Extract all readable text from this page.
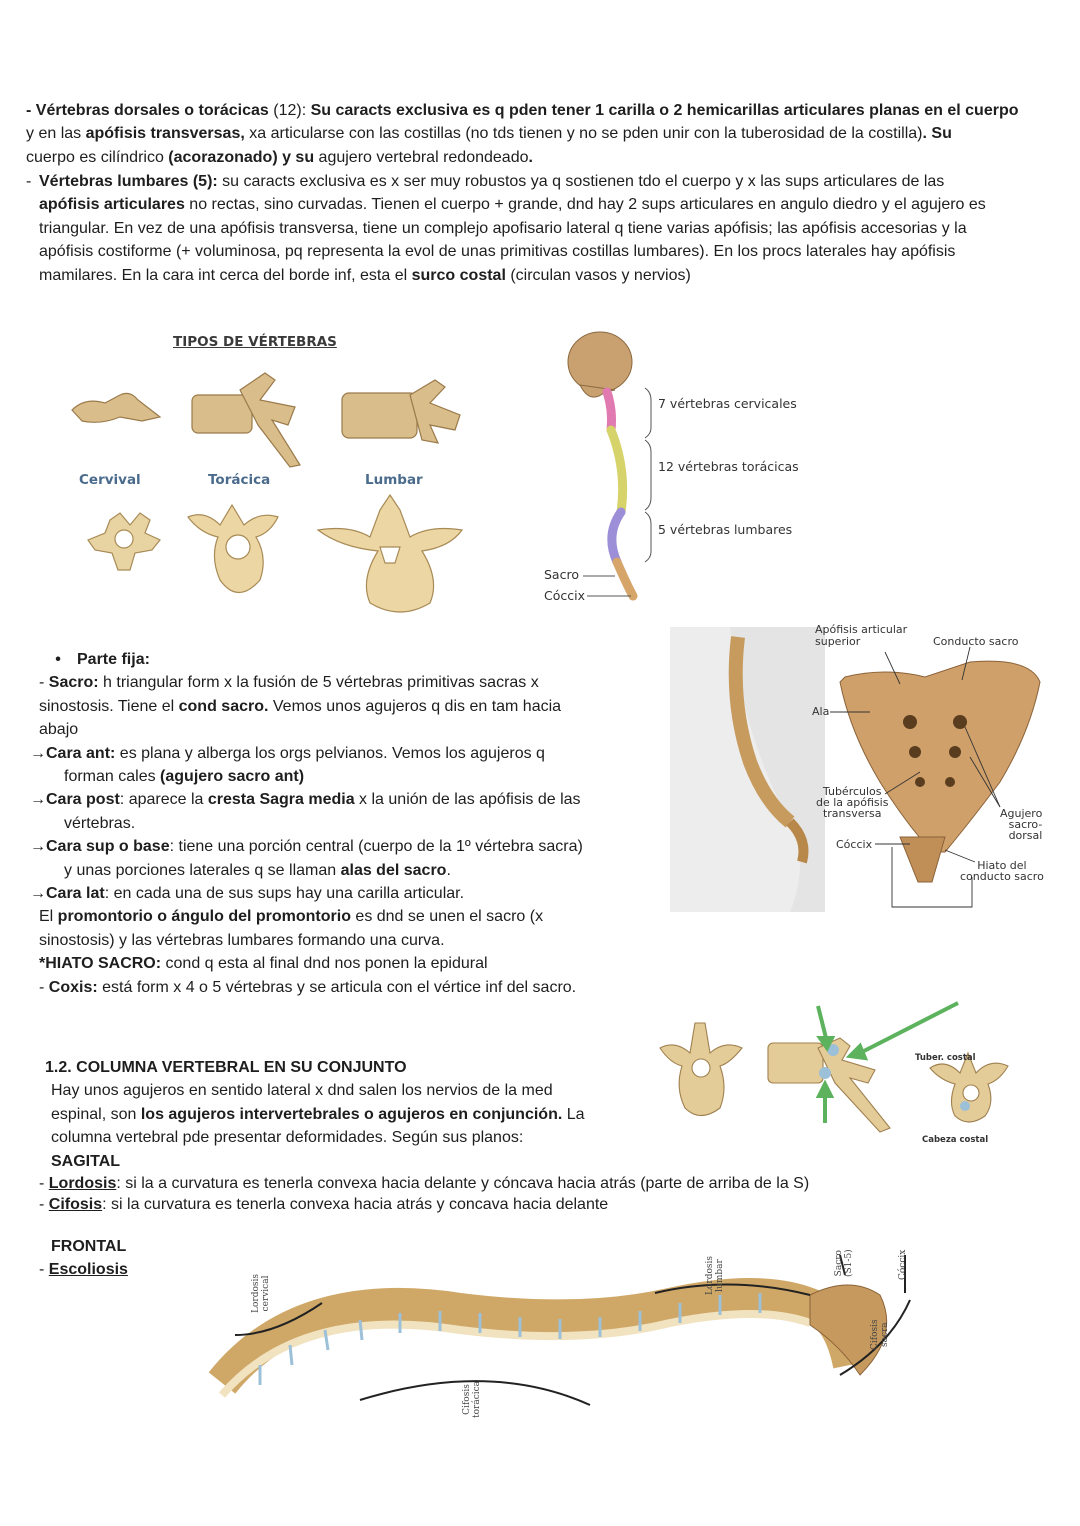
- Vértebras dorsales o torácicas (12): Su caracts exclusiva es q pden tener 1 carilla o 2 hemicarillas articulares planas en el cuerpo
y en las apófisis transversas, xa articularse con las costillas (no tds tienen y no se pden unir con la tuberosidad de la costilla). Su
cuerpo es cilíndrico (acorazonado) y su agujero vertebral redondeado.
- Vértebras lumbares (5): su caracts exclusiva es x ser muy robustos ya q sostienen tdo el cuerpo y x las sups articulares de las
apófisis articulares no rectas, sino curvadas. Tienen el cuerpo + grande, dnd hay 2 sups articulares en angulo diedro y el agujero es
triangular. En vez de una apófisis transversa, tiene un complejo apofisario lateral q tiene varias apófisis; las apófisis accesorias y la
apófisis costiforme (+ voluminosa, pq representa la evol de unas primitivas costillas lumbares). En los procs laterales hay apófisis
mamilares. En la cara int cerca del borde inf, esta el surco costal (circulan vasos y nervios)
TIPOS DE VÉRTEBRAS
Cervival	Torácica	Lumbar
7 vértebras cervicales
12 vértebras torácicas
5 vértebras lumbares
Sacro
Cóccix
Apófisis articular
superior	Conducto sacro
Ala
Tubérculos
de la apófisis
transversa
Cóccix
Agujero
sacro-
dorsal
Hiato del
conducto sacro
• Parte fija:
- Sacro: h triangular form x la fusión de 5 vértebras primitivas sacras x
sinostosis. Tiene el cond sacro. Vemos unos agujeros q dis en tam hacia
abajo
→Cara ant: es plana y alberga los orgs pelvianos. Vemos los agujeros q
forman cales (agujero sacro ant)
→Cara post: aparece la cresta Sagra media x la unión de las apófisis de las
vértebras.
→Cara sup o base: tiene una porción central (cuerpo de la 1º vértebra sacra)
y unas porciones laterales q se llaman alas del sacro.
→Cara lat: en cada una de sus sups hay una carilla articular.
El promontorio o ángulo del promontorio es dnd se unen el sacro (x
sinostosis) y las vértebras lumbares formando una curva.
*HIATO SACRO: cond q esta al final dnd nos ponen la epidural
- Coxis: está form x 4 o 5 vértebras y se articula con el vértice inf del sacro.
Tuber. costal
Cabeza costal
1.2. COLUMNA VERTEBRAL EN SU CONJUNTO
Hay unos agujeros en sentido lateral x dnd salen los nervios de la med
espinal, son los agujeros intervertebrales o agujeros en conjunción. La
columna vertebral pde presentar deformidades. Según sus planos:
SAGITAL
- Lordosis: si la a curvatura es tenerla convexa hacia delante y cóncava hacia atrás (parte de arriba de la S)
- Cifosis: si la curvatura es tenerla convexa hacia atrás y concava hacia delante
FRONTAL
- Escoliosis
Lordosis cervical
Cifosis torácica
Lordosis lumbar	Sacro (S1-5)	Cóccix
Cifosis sacra
